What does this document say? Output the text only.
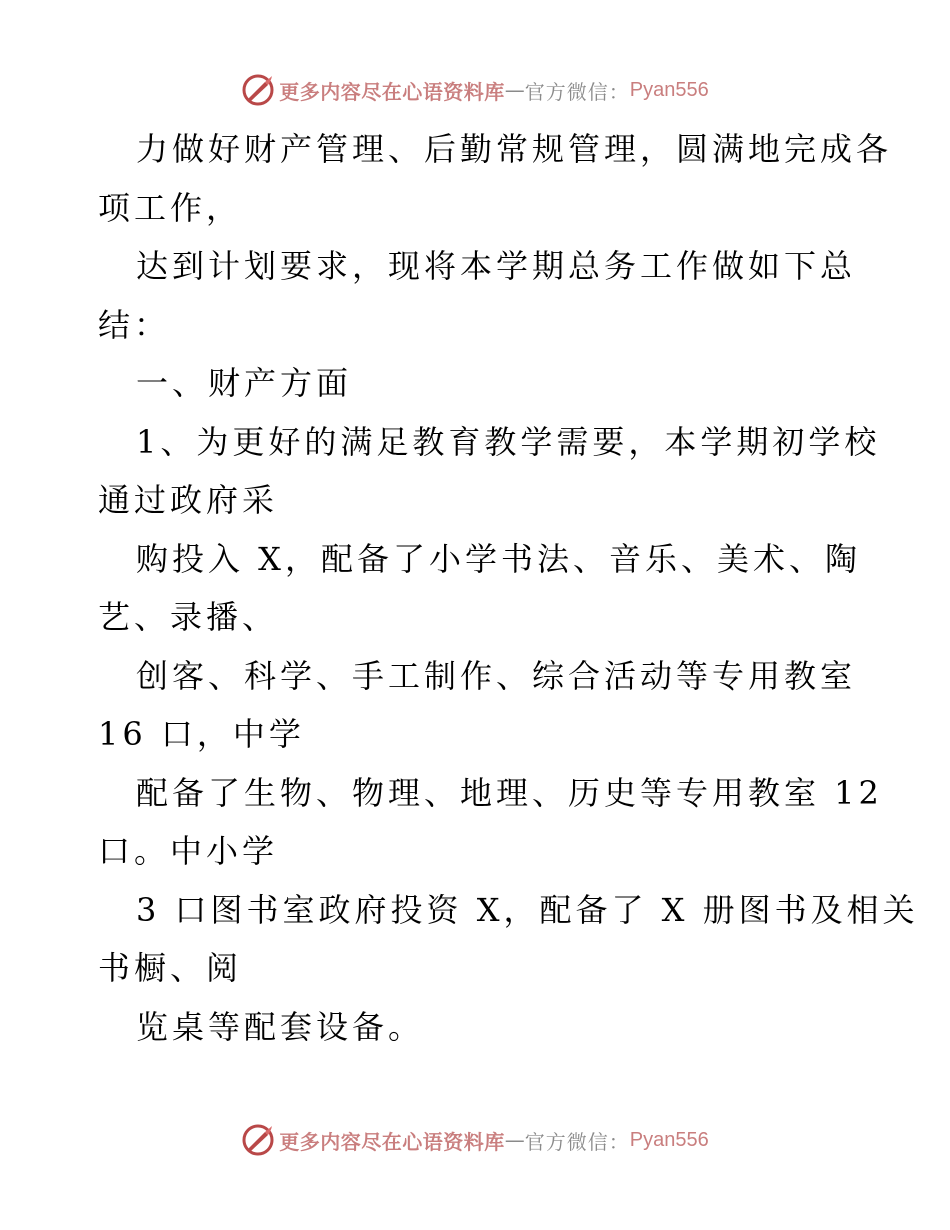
更多内容尽在心语资料库 — 官方微信： Pyan556
力做好财产管理、后勤常规管理，圆满地完成各
项工作，
达到计划要求，现将本学期总务工作做如下总
结：
一、财产方面
1、为更好的满足教育教学需要，本学期初学校
通过政府采
购投入 X，配备了小学书法、音乐、美术、陶
艺、录播、
创客、科学、手工制作、综合活动等专用教室
16 口，中学
配备了生物、物理、地理、历史等专用教室 12
口。中小学
3 口图书室政府投资 X，配备了 X 册图书及相关
书橱、阅
览桌等配套设备。
更多内容尽在心语资料库 — 官方微信： Pyan556
